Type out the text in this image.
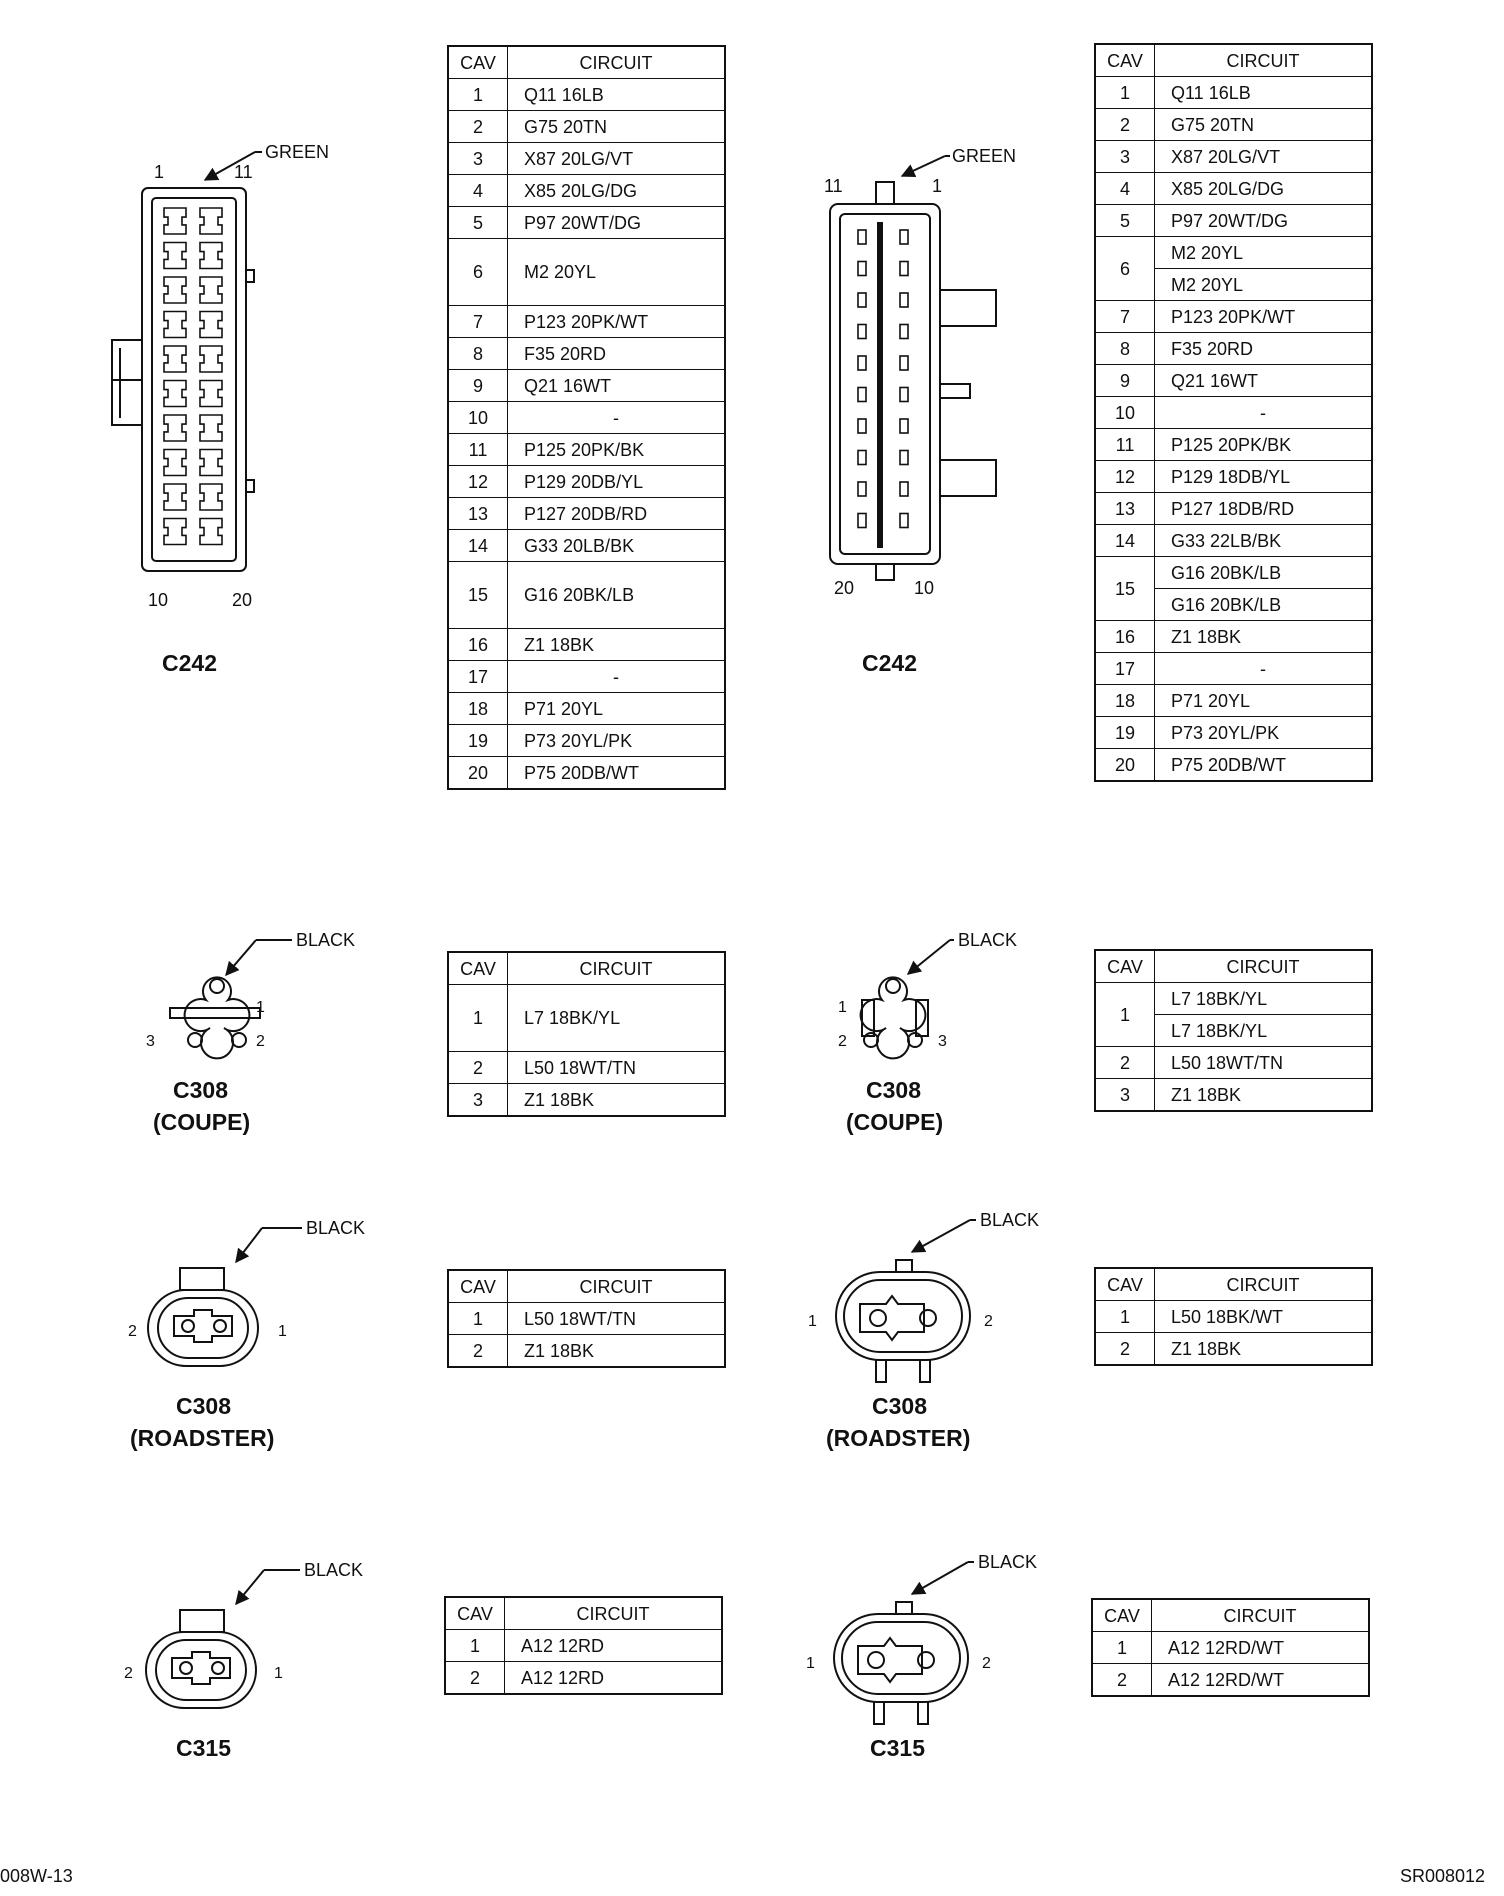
1	11
GREEN
10	20
C242
11	1
GREEN
20	10
C242
BLACK
1
2
3
C308
(COUPE)
BLACK
1
2	3
C308
(COUPE)
BLACK
2	1
C308
(ROADSTER)
BLACK
1	2
C308
(ROADSTER)
BLACK
2	1
C315
BLACK
1	2
C315
CAV	CIRCUIT
1	Q11 16LB
2	G75 20TN
3	X87 20LG/VT
4	X85 20LG/DG
5	P97 20WT/DG
6	M2 20YL
7	P123 20PK/WT
8	F35 20RD
9	Q21 16WT
10	-
11	P125 20PK/BK
12	P129 20DB/YL
13	P127 20DB/RD
14	G33 20LB/BK
15	G16 20BK/LB
16	Z1 18BK
17	-
18	P71 20YL
19	P73 20YL/PK
20	P75 20DB/WT
CAV	CIRCUIT
1	Q11 16LB
2	G75 20TN
3	X87 20LG/VT
4	X85 20LG/DG
5	P97 20WT/DG
6	M2 20YL
	M2 20YL
7	P123 20PK/WT
8	F35 20RD
9	Q21 16WT
10	-
11	P125 20PK/BK
12	P129 18DB/YL
13	P127 18DB/RD
14	G33 22LB/BK
15	G16 20BK/LB
	G16 20BK/LB
16	Z1 18BK
17	-
18	P71 20YL
19	P73 20YL/PK
20	P75 20DB/WT
CAV	CIRCUIT
1	L7 18BK/YL
2	L50 18WT/TN
3	Z1 18BK
CAV	CIRCUIT
1	L7 18BK/YL
	L7 18BK/YL
2	L50 18WT/TN
3	Z1 18BK
CAV	CIRCUIT
1	L50 18WT/TN
2	Z1 18BK
CAV	CIRCUIT
1	L50 18BK/WT
2	Z1 18BK
CAV	CIRCUIT
1	A12 12RD
2	A12 12RD
CAV	CIRCUIT
1	A12 12RD/WT
2	A12 12RD/WT
008W-13	SR008012
